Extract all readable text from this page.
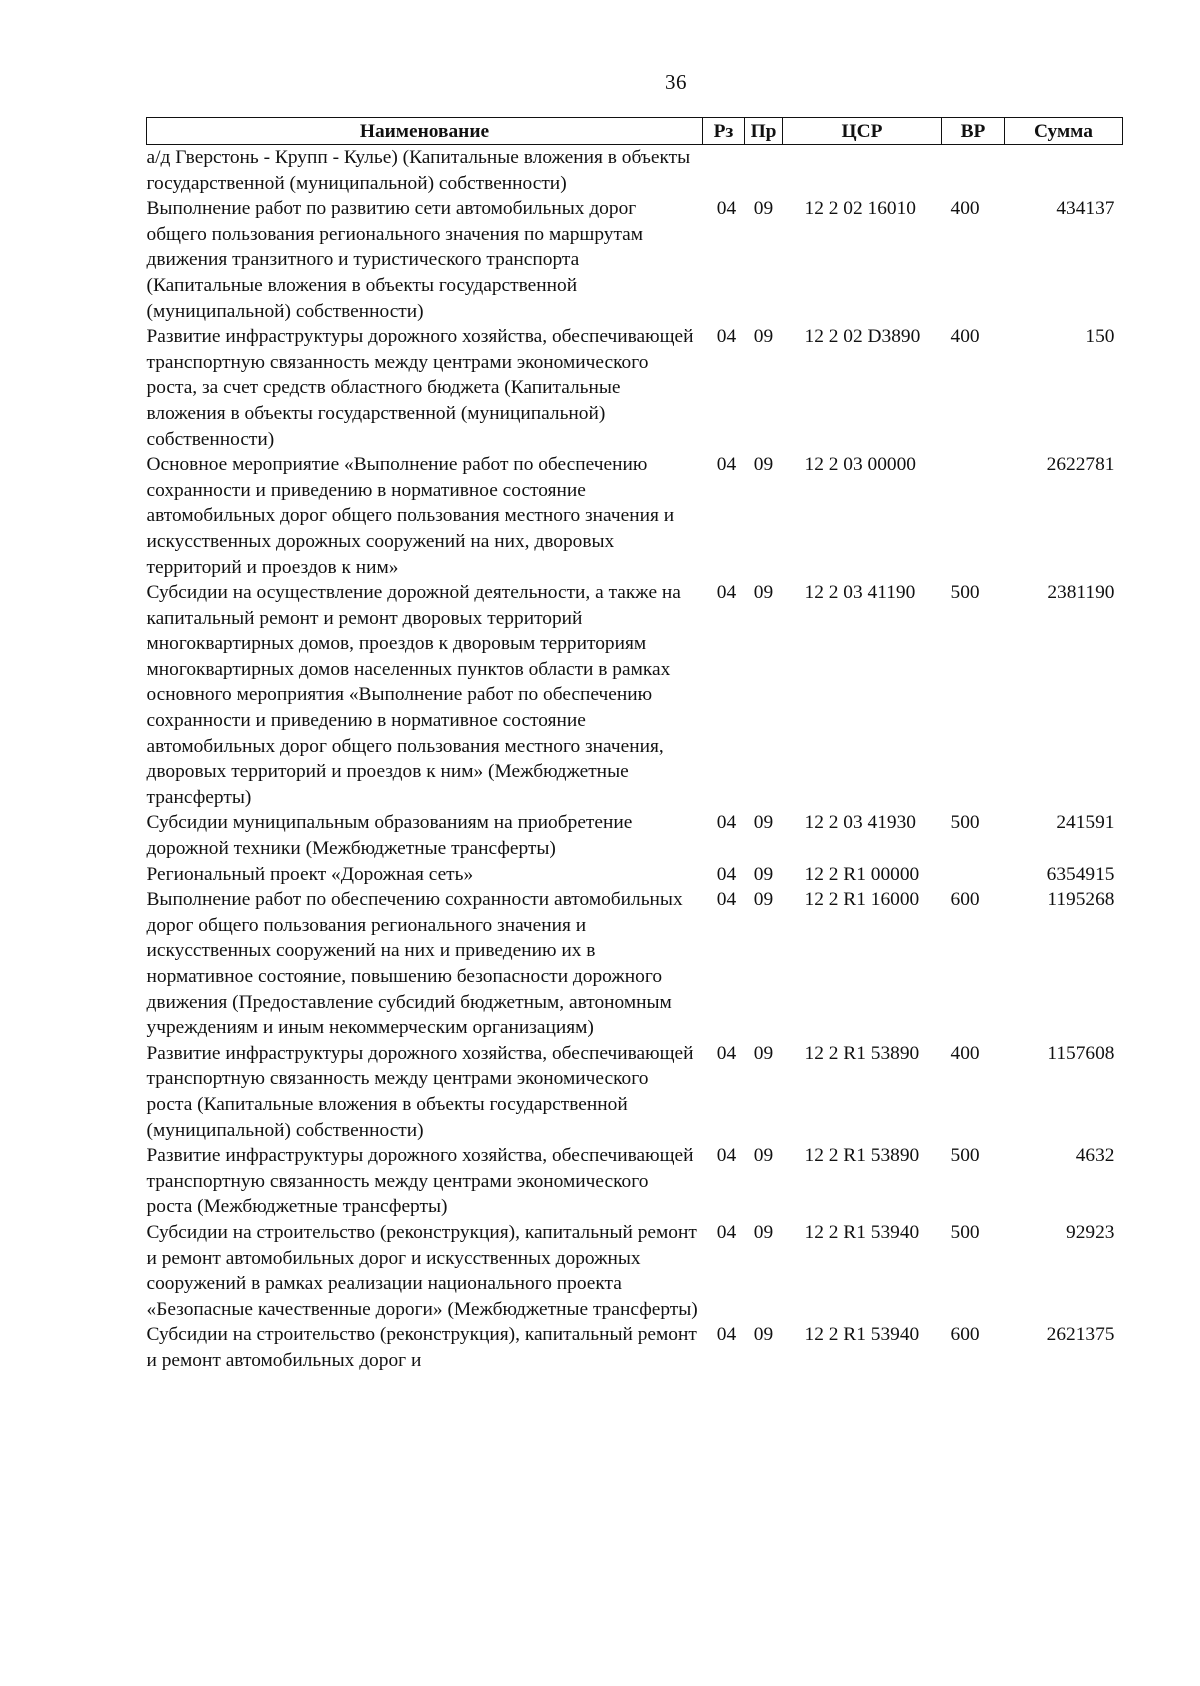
36
Наименование	Рз	Пр	ЦСР	ВР	Сумма
а/д Гверстонь - Крупп - Кулье) (Капитальные вложения в объекты государственной (муниципальной) собственности)					
Выполнение работ по развитию сети автомобильных дорог общего пользования регионального значения по маршрутам движения транзитного и туристического транспорта (Капитальные вложения в объекты государственной (муниципальной) собственности)	04	09	12 2 02 16010	400	434137
Развитие инфраструктуры дорожного хозяйства, обеспечивающей транспортную связанность между центрами экономического роста, за счет средств областного бюджета (Капитальные вложения в объекты государственной (муниципальной) собственности)	04	09	12 2 02 D3890	400	150
Основное мероприятие «Выполнение работ по обеспечению сохранности и приведению в нормативное состояние автомобильных дорог общего пользования местного значения и искусственных дорожных сооружений на них, дворовых территорий и проездов к ним»	04	09	12 2 03 00000		2622781
Субсидии на осуществление дорожной деятельности, а также на капитальный ремонт и ремонт дворовых территорий многоквартирных домов, проездов к дворовым территориям многоквартирных домов населенных пунктов области в рамках основного мероприятия «Выполнение работ по обеспечению сохранности и приведению в нормативное состояние автомобильных дорог общего пользования местного значения, дворовых территорий и проездов к ним» (Межбюджетные трансферты)	04	09	12 2 03 41190	500	2381190
Субсидии муниципальным образованиям на приобретение дорожной техники (Межбюджетные трансферты)	04	09	12 2 03 41930	500	241591
Региональный проект «Дорожная сеть»	04	09	12 2 R1 00000		6354915
Выполнение работ по обеспечению сохранности автомобильных дорог общего пользования регионального значения и искусственных сооружений на них и приведению их в нормативное состояние, повышению безопасности дорожного движения (Предоставление субсидий бюджетным, автономным учреждениям и иным некоммерческим организациям)	04	09	12 2 R1 16000	600	1195268
Развитие инфраструктуры дорожного хозяйства, обеспечивающей транспортную связанность между центрами экономического роста (Капитальные вложения в объекты государственной (муниципальной) собственности)	04	09	12 2 R1 53890	400	1157608
Развитие инфраструктуры дорожного хозяйства, обеспечивающей транспортную связанность между центрами экономического роста (Межбюджетные трансферты)	04	09	12 2 R1 53890	500	4632
Субсидии на строительство (реконструкция), капитальный ремонт и ремонт автомобильных дорог и искусственных дорожных сооружений в рамках реализации национального проекта «Безопасные качественные дороги» (Межбюджетные трансферты)	04	09	12 2 R1 53940	500	92923
Субсидии на строительство (реконструкция), капитальный ремонт и ремонт автомобильных дорог и	04	09	12 2 R1 53940	600	2621375
